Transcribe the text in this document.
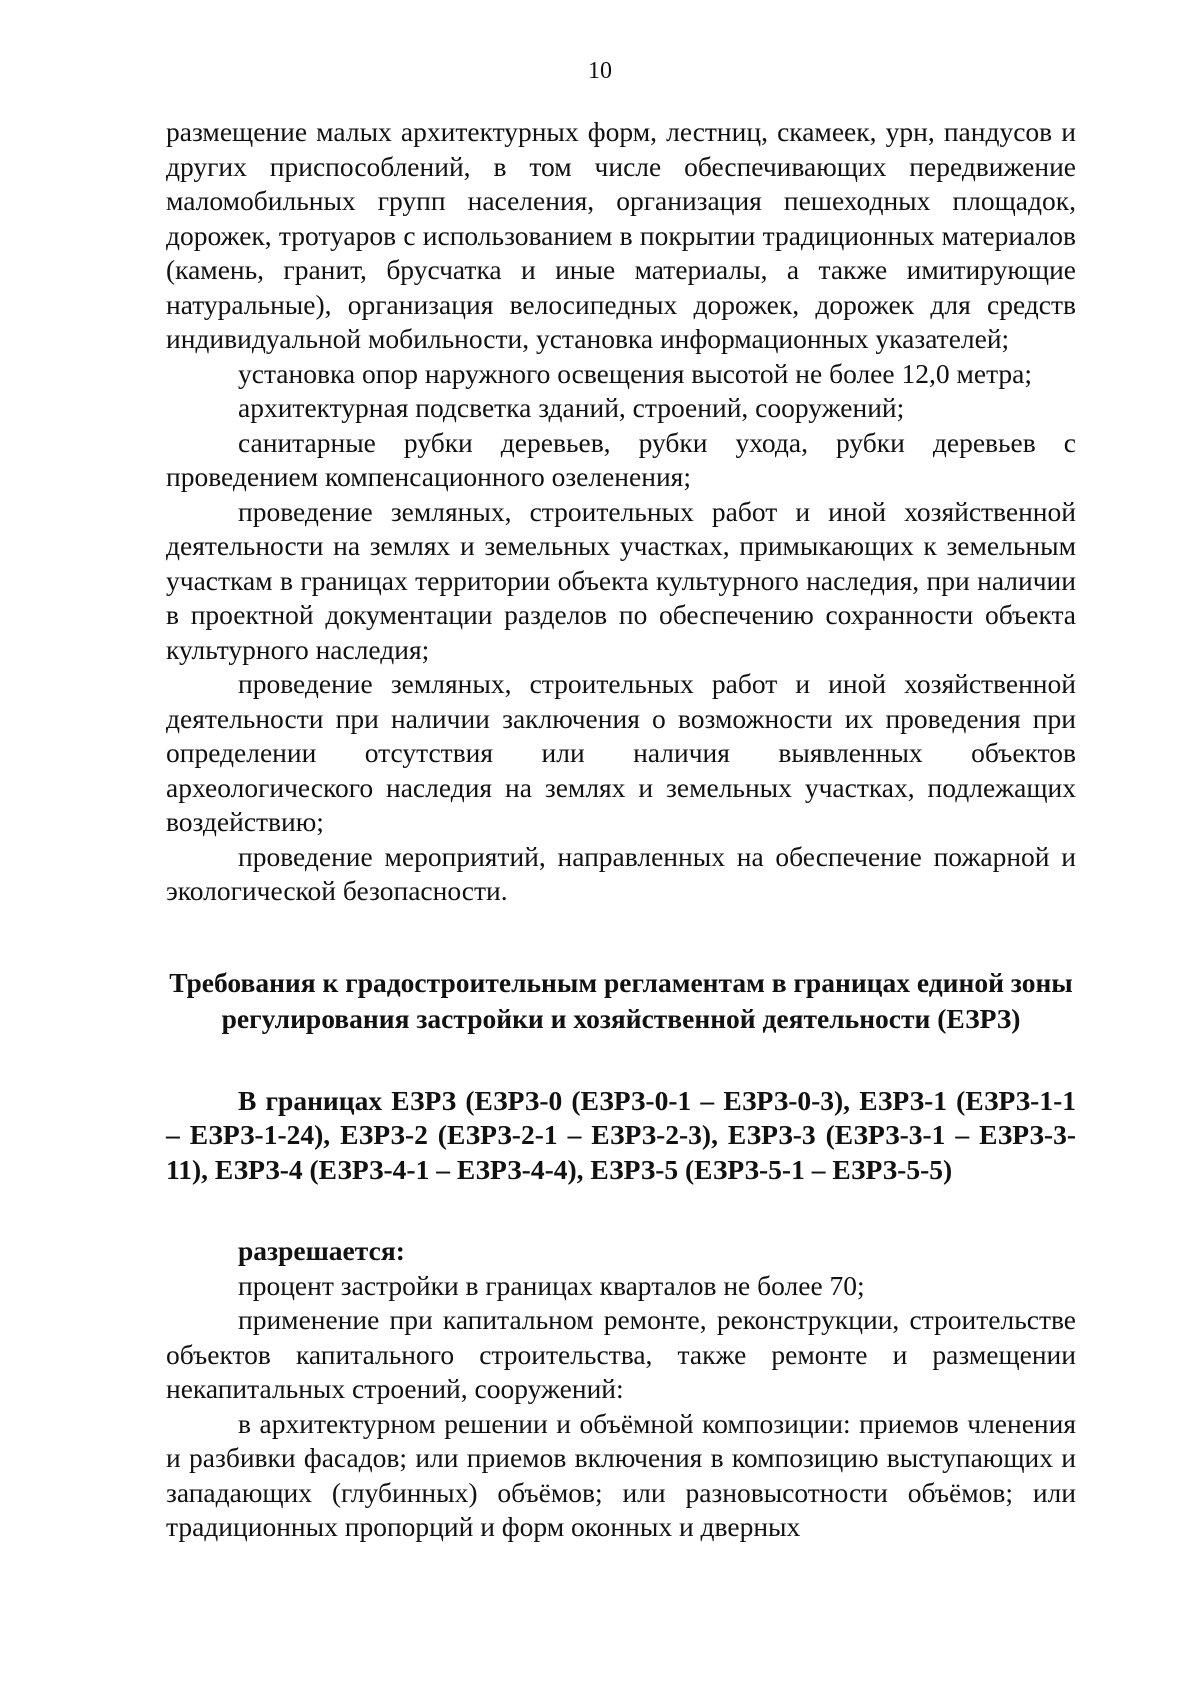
10

размещение малых архитектурных форм, лестниц, скамеек, урн, пандусов и других приспособлений, в том числе обеспечивающих передвижение маломобильных групп населения, организация пешеходных площадок, дорожек, тротуаров с использованием в покрытии традиционных материалов (камень, гранит, брусчатка и иные материалы, а также имитирующие натуральные), организация велосипедных дорожек, дорожек для средств индивидуальной мобильности, установка информационных указателей;

установка опор наружного освещения высотой не более 12,0 метра;

архитектурная подсветка зданий, строений, сооружений;

санитарные рубки деревьев, рубки ухода, рубки деревьев с проведением компенсационного озеленения;

проведение земляных, строительных работ и иной хозяйственной деятельности на землях и земельных участках, примыкающих к земельным участкам в границах территории объекта культурного наследия, при наличии в проектной документации разделов по обеспечению сохранности объекта культурного наследия;

проведение земляных, строительных работ и иной хозяйственной деятельности при наличии заключения о возможности их проведения при определении отсутствия или наличия выявленных объектов археологического наследия на землях и земельных участках, подлежащих воздействию;

проведение мероприятий, направленных на обеспечение пожарной и экологической безопасности.

Требования к градостроительным регламентам в границах единой зоны регулирования застройки и хозяйственной деятельности (ЕЗРЗ)

В границах ЕЗРЗ (ЕЗРЗ-0 (ЕЗРЗ-0-1 – ЕЗРЗ-0-3), ЕЗРЗ-1 (ЕЗРЗ-1-1 – ЕЗРЗ-1-24), ЕЗРЗ-2 (ЕЗРЗ-2-1 – ЕЗРЗ-2-3), ЕЗРЗ-3 (ЕЗРЗ-3-1 – ЕЗРЗ-3-11), ЕЗРЗ-4 (ЕЗРЗ-4-1 – ЕЗРЗ-4-4), ЕЗРЗ-5 (ЕЗРЗ-5-1 – ЕЗРЗ-5-5)

разрешается:

процент застройки в границах кварталов не более 70;

применение при капитальном ремонте, реконструкции, строительстве объектов капитального строительства, также ремонте и размещении некапитальных строений, сооружений:

в архитектурном решении и объёмной композиции: приемов членения и разбивки фасадов; или приемов включения в композицию выступающих и западающих (глубинных) объёмов; или разновысотности объёмов; или традиционных пропорций и форм оконных и дверных
